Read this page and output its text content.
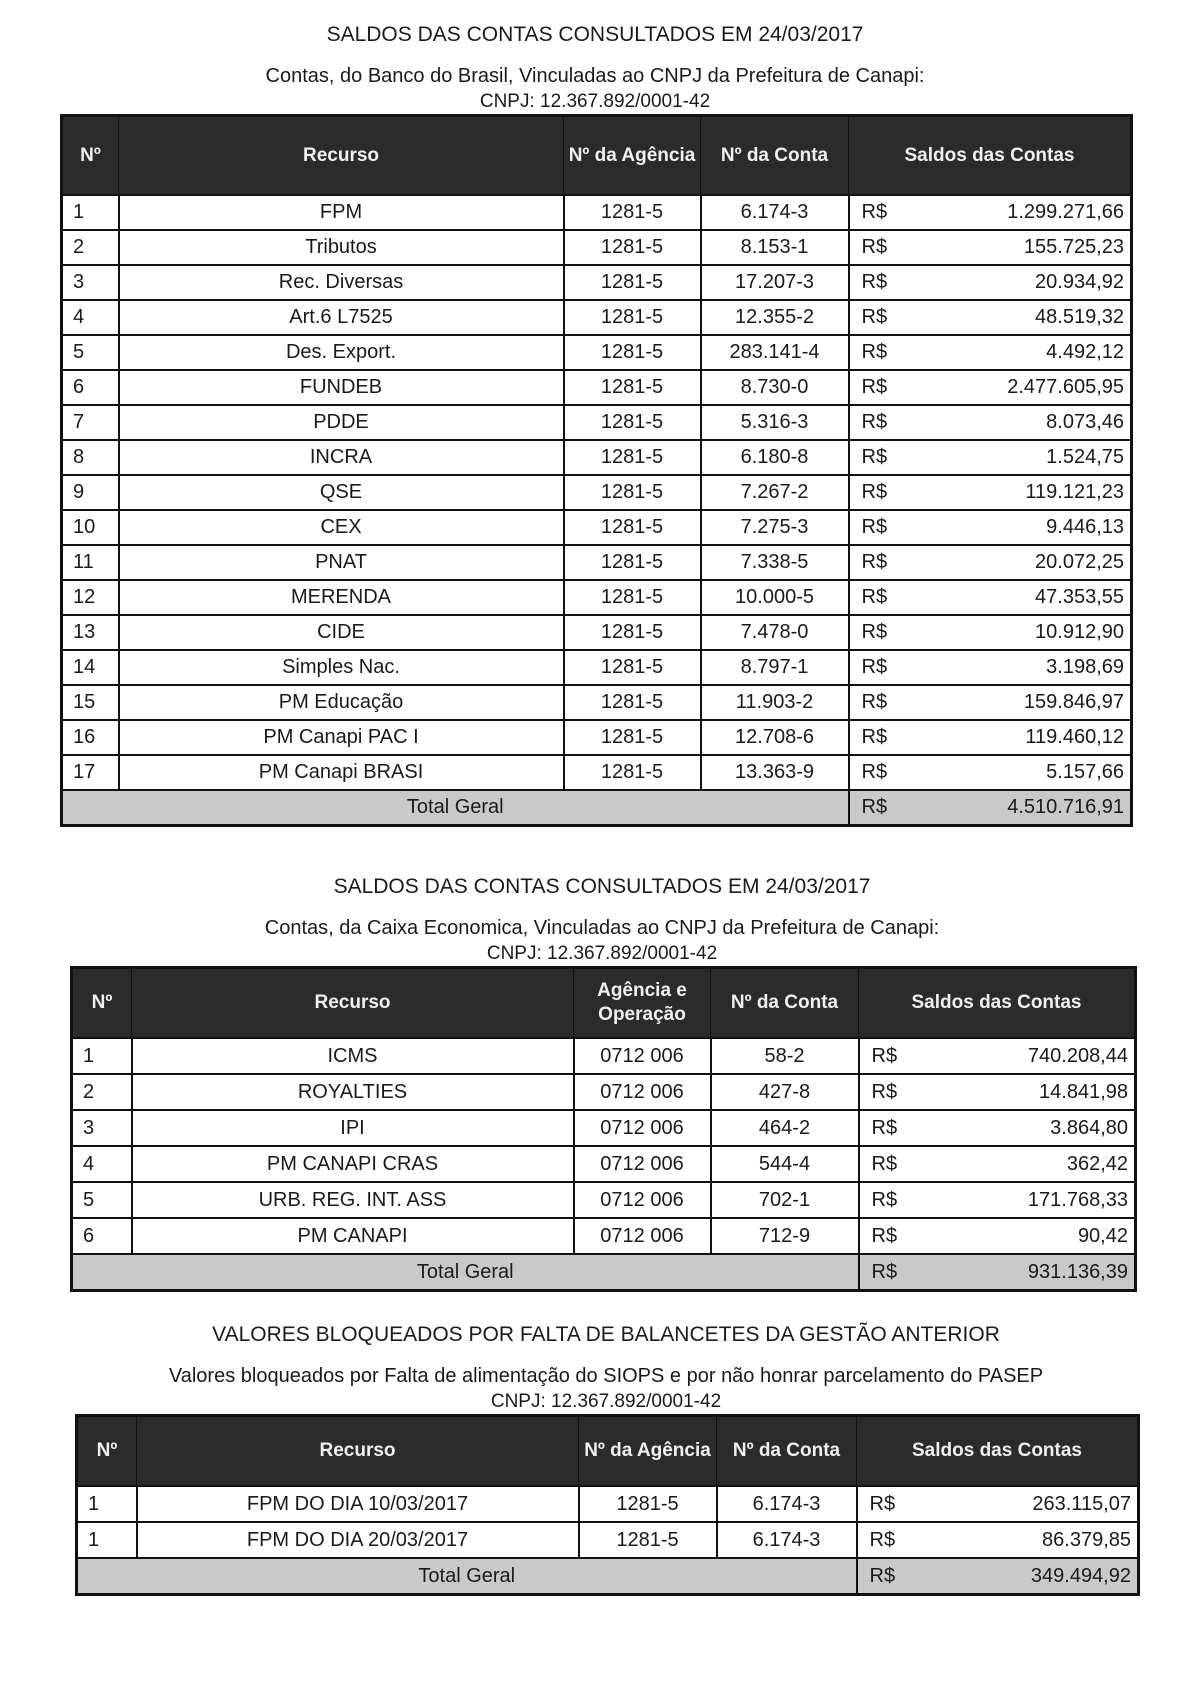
SALDOS DAS CONTAS CONSULTADOS EM 24/03/2017
Contas, do Banco do Brasil, Vinculadas ao CNPJ da Prefeitura de Canapi:
CNPJ: 12.367.892/0001-42
Nº	Recurso	Nº da Agência	Nº da Conta	Saldos das Contas	
1	FPM	1281-5	6.174-3	R$	1.299.271,66
2	Tributos	1281-5	8.153-1	R$	155.725,23
3	Rec. Diversas	1281-5	17.207-3	R$	20.934,92
4	Art.6 L7525	1281-5	12.355-2	R$	48.519,32
5	Des. Export.	1281-5	283.141-4	R$	4.492,12
6	FUNDEB	1281-5	8.730-0	R$	2.477.605,95
7	PDDE	1281-5	5.316-3	R$	8.073,46
8	INCRA	1281-5	6.180-8	R$	1.524,75
9	QSE	1281-5	7.267-2	R$	119.121,23
10	CEX	1281-5	7.275-3	R$	9.446,13
11	PNAT	1281-5	7.338-5	R$	20.072,25
12	MERENDA	1281-5	10.000-5	R$	47.353,55
13	CIDE	1281-5	7.478-0	R$	10.912,90
14	Simples Nac.	1281-5	8.797-1	R$	3.198,69
15	PM Educação	1281-5	11.903-2	R$	159.846,97
16	PM Canapi PAC I	1281-5	12.708-6	R$	119.460,12
17	PM Canapi BRASI	1281-5	13.363-9	R$	5.157,66
Total Geral				R$	4.510.716,91
SALDOS DAS CONTAS CONSULTADOS EM 24/03/2017
Contas, da Caixa Economica, Vinculadas ao CNPJ da Prefeitura de Canapi:
CNPJ: 12.367.892/0001-42
Nº	Recurso	Agência e Operação	Nº da Conta	Saldos das Contas	
1	ICMS	0712 006	58-2	R$	740.208,44
2	ROYALTIES	0712 006	427-8	R$	14.841,98
3	IPI	0712 006	464-2	R$	3.864,80
4	PM CANAPI CRAS	0712 006	544-4	R$	362,42
5	URB. REG. INT. ASS	0712 006	702-1	R$	171.768,33
6	PM CANAPI	0712 006	712-9	R$	90,42
Total Geral				R$	931.136,39
VALORES BLOQUEADOS POR FALTA DE BALANCETES DA GESTÃO ANTERIOR
Valores bloqueados por Falta de alimentação do SIOPS e por não honrar parcelamento do PASEP
CNPJ: 12.367.892/0001-42
Nº	Recurso	Nº da Agência	Nº da Conta	Saldos das Contas	
1	FPM DO DIA 10/03/2017	1281-5	6.174-3	R$	263.115,07
1	FPM DO DIA 20/03/2017	1281-5	6.174-3	R$	86.379,85
Total Geral				R$	349.494,92
